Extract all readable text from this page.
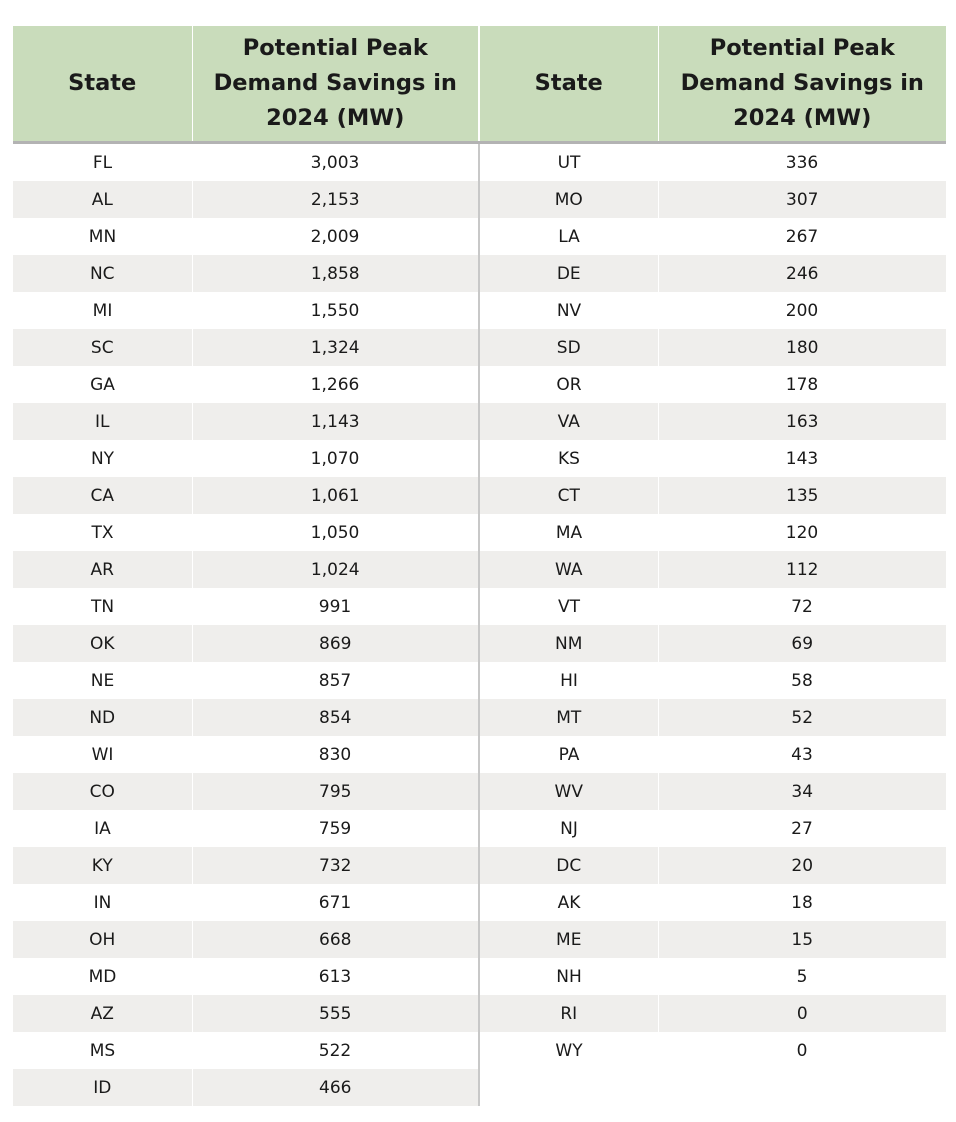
State	Potential Peak
Demand Savings in
2024 (MW)	State	Potential Peak
Demand Savings in
2024 (MW)
FL	3,003	UT	336
AL	2,153	MO	307
MN	2,009	LA	267
NC	1,858	DE	246
MI	1,550	NV	200
SC	1,324	SD	180
GA	1,266	OR	178
IL	1,143	VA	163
NY	1,070	KS	143
CA	1,061	CT	135
TX	1,050	MA	120
AR	1,024	WA	112
TN	991	VT	72
OK	869	NM	69
NE	857	HI	58
ND	854	MT	52
WI	830	PA	43
CO	795	WV	34
IA	759	NJ	27
KY	732	DC	20
IN	671	AK	18
OH	668	ME	15
MD	613	NH	5
AZ	555	RI	0
MS	522	WY	0
ID	466		
